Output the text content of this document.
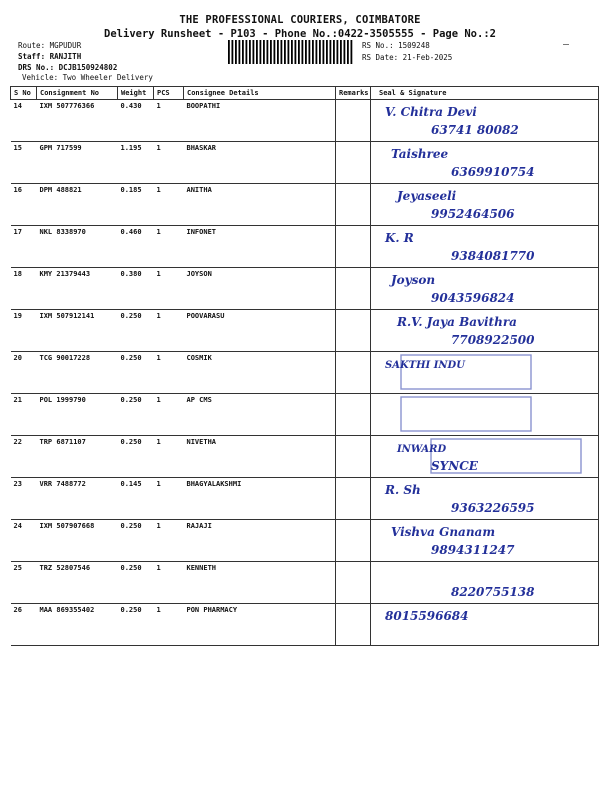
THE PROFESSIONAL COURIERS, COIMBATORE
Delivery Runsheet - P103 - Phone No.:0422-3505555 - Page No.:2
Route: MGPUDUR
Staff: RANJITH
DRS No.: DCJB150924802
Vehicle: Two Wheeler Delivery
RS No.: 1509248
RS Date: 21-Feb-2025
S No	Consignment No	Weight	PCS	Consignee Details	Remarks	Seal & Signature
14	IXM 507776366	0.430	1	BOOPATHI		V. Chitra Devi
63741 80082

15	GPM 717599	1.195	1	BHASKAR		Taishree
6369910754

16	DPM 488821	0.185	1	ANITHA		Jeyaseeli
9952464506

17	NKL 8338970	0.460	1	INFONET		K. R
9384081770

18	KMY 21379443	0.380	1	JOYSON		Joyson
9043596824

19	IXM 507912141	0.250	1	POOVARASU		R.V. Jaya Bavithra
7708922500

20	TCG 90017228	0.250	1	COSMIK		SAKTHI INDU

21	POL 1999790	0.250	1	AP CMS		

22	TRP 6871107	0.250	1	NIVETHA		INWARD
SYNCE

23	VRR 7488772	0.145	1	BHAGYALAKSHMI		R. Sh
9363226595

24	IXM 507907668	0.250	1	RAJAJI		Vishva Gnanam
9894311247

25	TRZ 52807546	0.250	1	KENNETH		8220755138

26	MAA 869355402	0.250	1	PON PHARMACY		8015596684
